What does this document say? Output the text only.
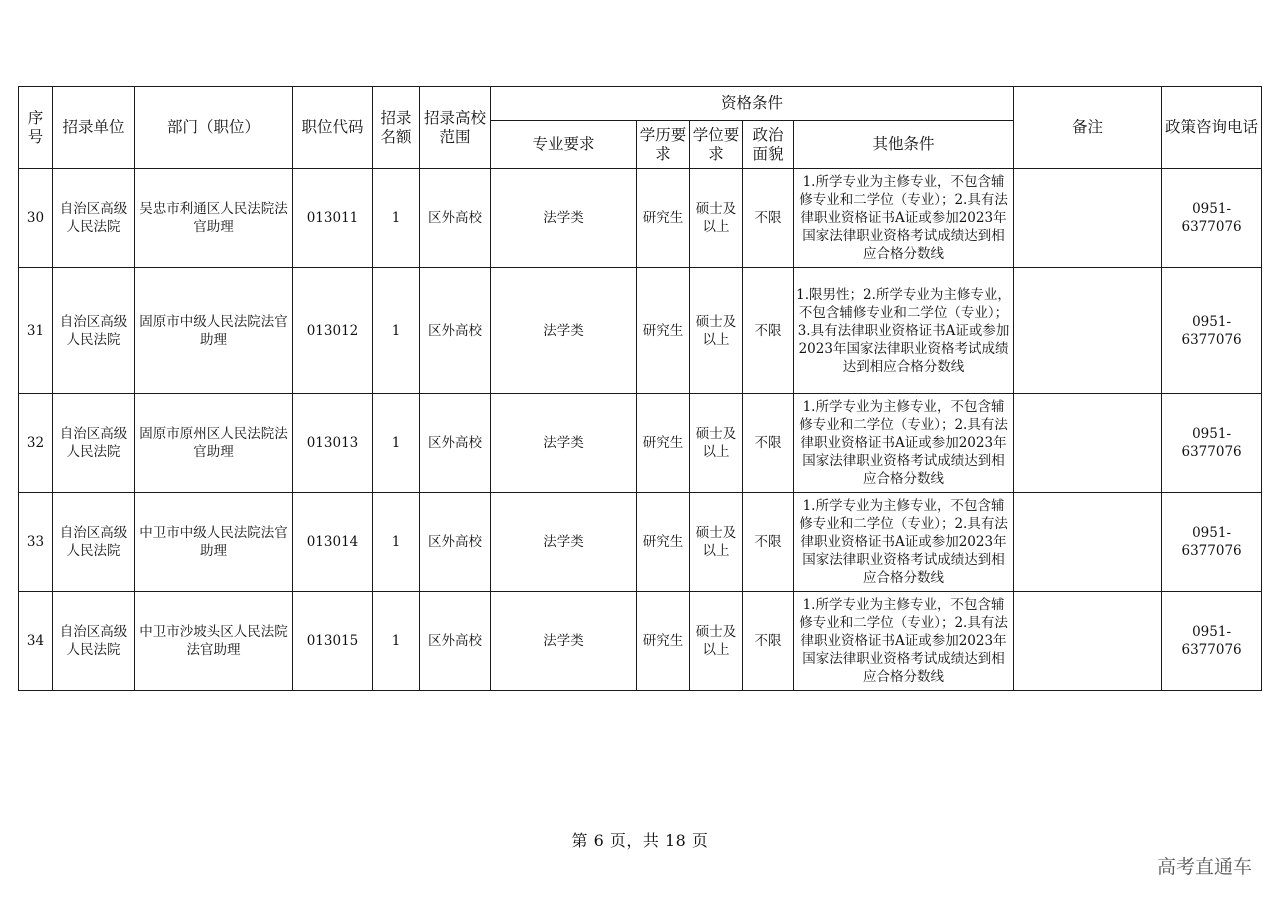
序号	招录单位	部门（职位）	职位代码	招录名额	招录高校范围	资格条件					备注	政策咨询电话
						专业要求	学历要求	学位要求	政治面貌	其他条件		
30	自治区高级人民法院	吴忠市利通区人民法院法官助理	013011	1	区外高校	法学类	研究生	硕士及以上	不限	1.所学专业为主修专业，不包含辅修专业和二学位（专业）；2.具有法律职业资格证书A证或参加2023年国家法律职业资格考试成绩达到相应合格分数线		0951-6377076
31	自治区高级人民法院	固原市中级人民法院法官助理	013012	1	区外高校	法学类	研究生	硕士及以上	不限	1.限男性；2.所学专业为主修专业，不包含辅修专业和二学位（专业）；3.具有法律职业资格证书A证或参加2023年国家法律职业资格考试成绩达到相应合格分数线		0951-6377076
32	自治区高级人民法院	固原市原州区人民法院法官助理	013013	1	区外高校	法学类	研究生	硕士及以上	不限	1.所学专业为主修专业，不包含辅修专业和二学位（专业）；2.具有法律职业资格证书A证或参加2023年国家法律职业资格考试成绩达到相应合格分数线		0951-6377076
33	自治区高级人民法院	中卫市中级人民法院法官助理	013014	1	区外高校	法学类	研究生	硕士及以上	不限	1.所学专业为主修专业，不包含辅修专业和二学位（专业）；2.具有法律职业资格证书A证或参加2023年国家法律职业资格考试成绩达到相应合格分数线		0951-6377076
34	自治区高级人民法院	中卫市沙坡头区人民法院法官助理	013015	1	区外高校	法学类	研究生	硕士及以上	不限	1.所学专业为主修专业，不包含辅修专业和二学位（专业）；2.具有法律职业资格证书A证或参加2023年国家法律职业资格考试成绩达到相应合格分数线		0951-6377076
第 6 页，共 18 页
高考直通车
